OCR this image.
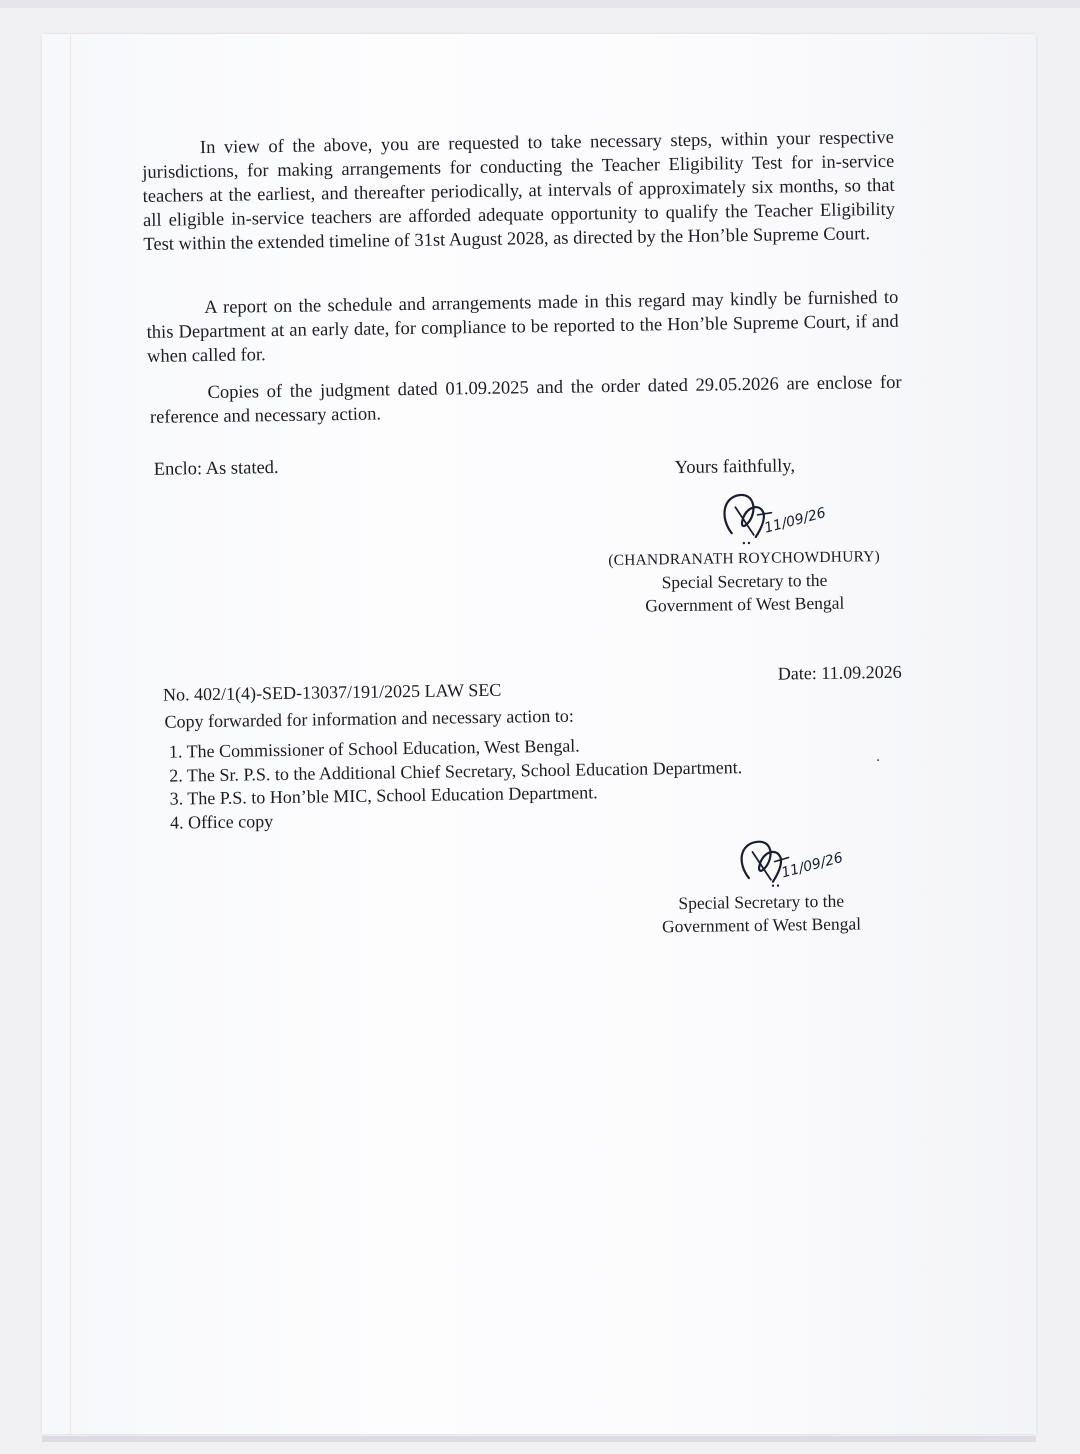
In view of the above, you are requested to take necessary steps, within your respective jurisdictions, for making arrangements for conducting the Teacher Eligibility Test for in-service teachers at the earliest, and thereafter periodically, at intervals of approximately six months, so that all eligible in-service teachers are afforded adequate opportunity to qualify the Teacher Eligibility Test within the extended timeline of 31st August 2028, as directed by the Hon’ble Supreme Court.

A report on the schedule and arrangements made in this regard may kindly be furnished to this Department at an early date, for compliance to be reported to the Hon’ble Supreme Court, if and when called for.

Copies of the judgment dated 01.09.2025 and the order dated 29.05.2026 are enclose for reference and necessary action.

Enclo: As stated.	Yours faithfully,
11/09/26
(CHANDRANATH ROYCHOWDHURY)
Special Secretary to the
Government of West Bengal
No. 402/1(4)-SED-13037/191/2025 LAW SEC
Date: 11.09.2026
Copy forwarded for information and necessary action to:
1. The Commissioner of School Education, West Bengal.
2. The Sr. P.S. to the Additional Chief Secretary, School Education Department.
3. The P.S. to Hon’ble MIC, School Education Department.
4. Office copy
11/09/26
Special Secretary to the
Government of West Bengal
